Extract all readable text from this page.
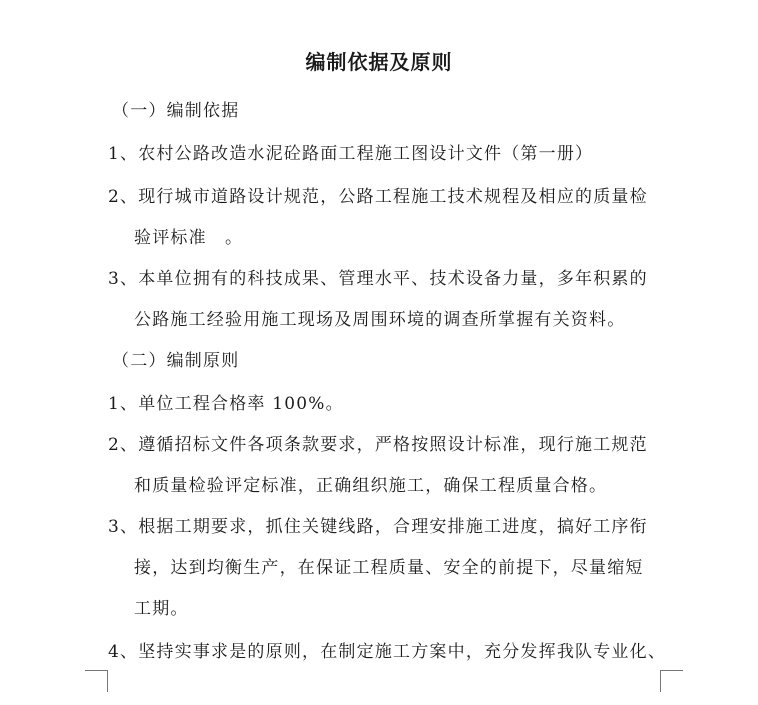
编制依据及原则
（一）编制依据
1、农村公路改造水泥砼路面工程施工图设计文件（第一册）
2、现行城市道路设计规范，公路工程施工技术规程及相应的质量检
验评标准　。
3、本单位拥有的科技成果、管理水平、技术设备力量，多年积累的
公路施工经验用施工现场及周围环境的调查所掌握有关资料。
（二）编制原则
1、单位工程合格率 100%。
2、遵循招标文件各项条款要求，严格按照设计标准，现行施工规范
和质量检验评定标准，正确组织施工，确保工程质量合格。
3、根据工期要求，抓住关键线路，合理安排施工进度，搞好工序衔
接，达到均衡生产，在保证工程质量、安全的前提下，尽量缩短
工期。
4、坚持实事求是的原则，在制定施工方案中，充分发挥我队专业化、
